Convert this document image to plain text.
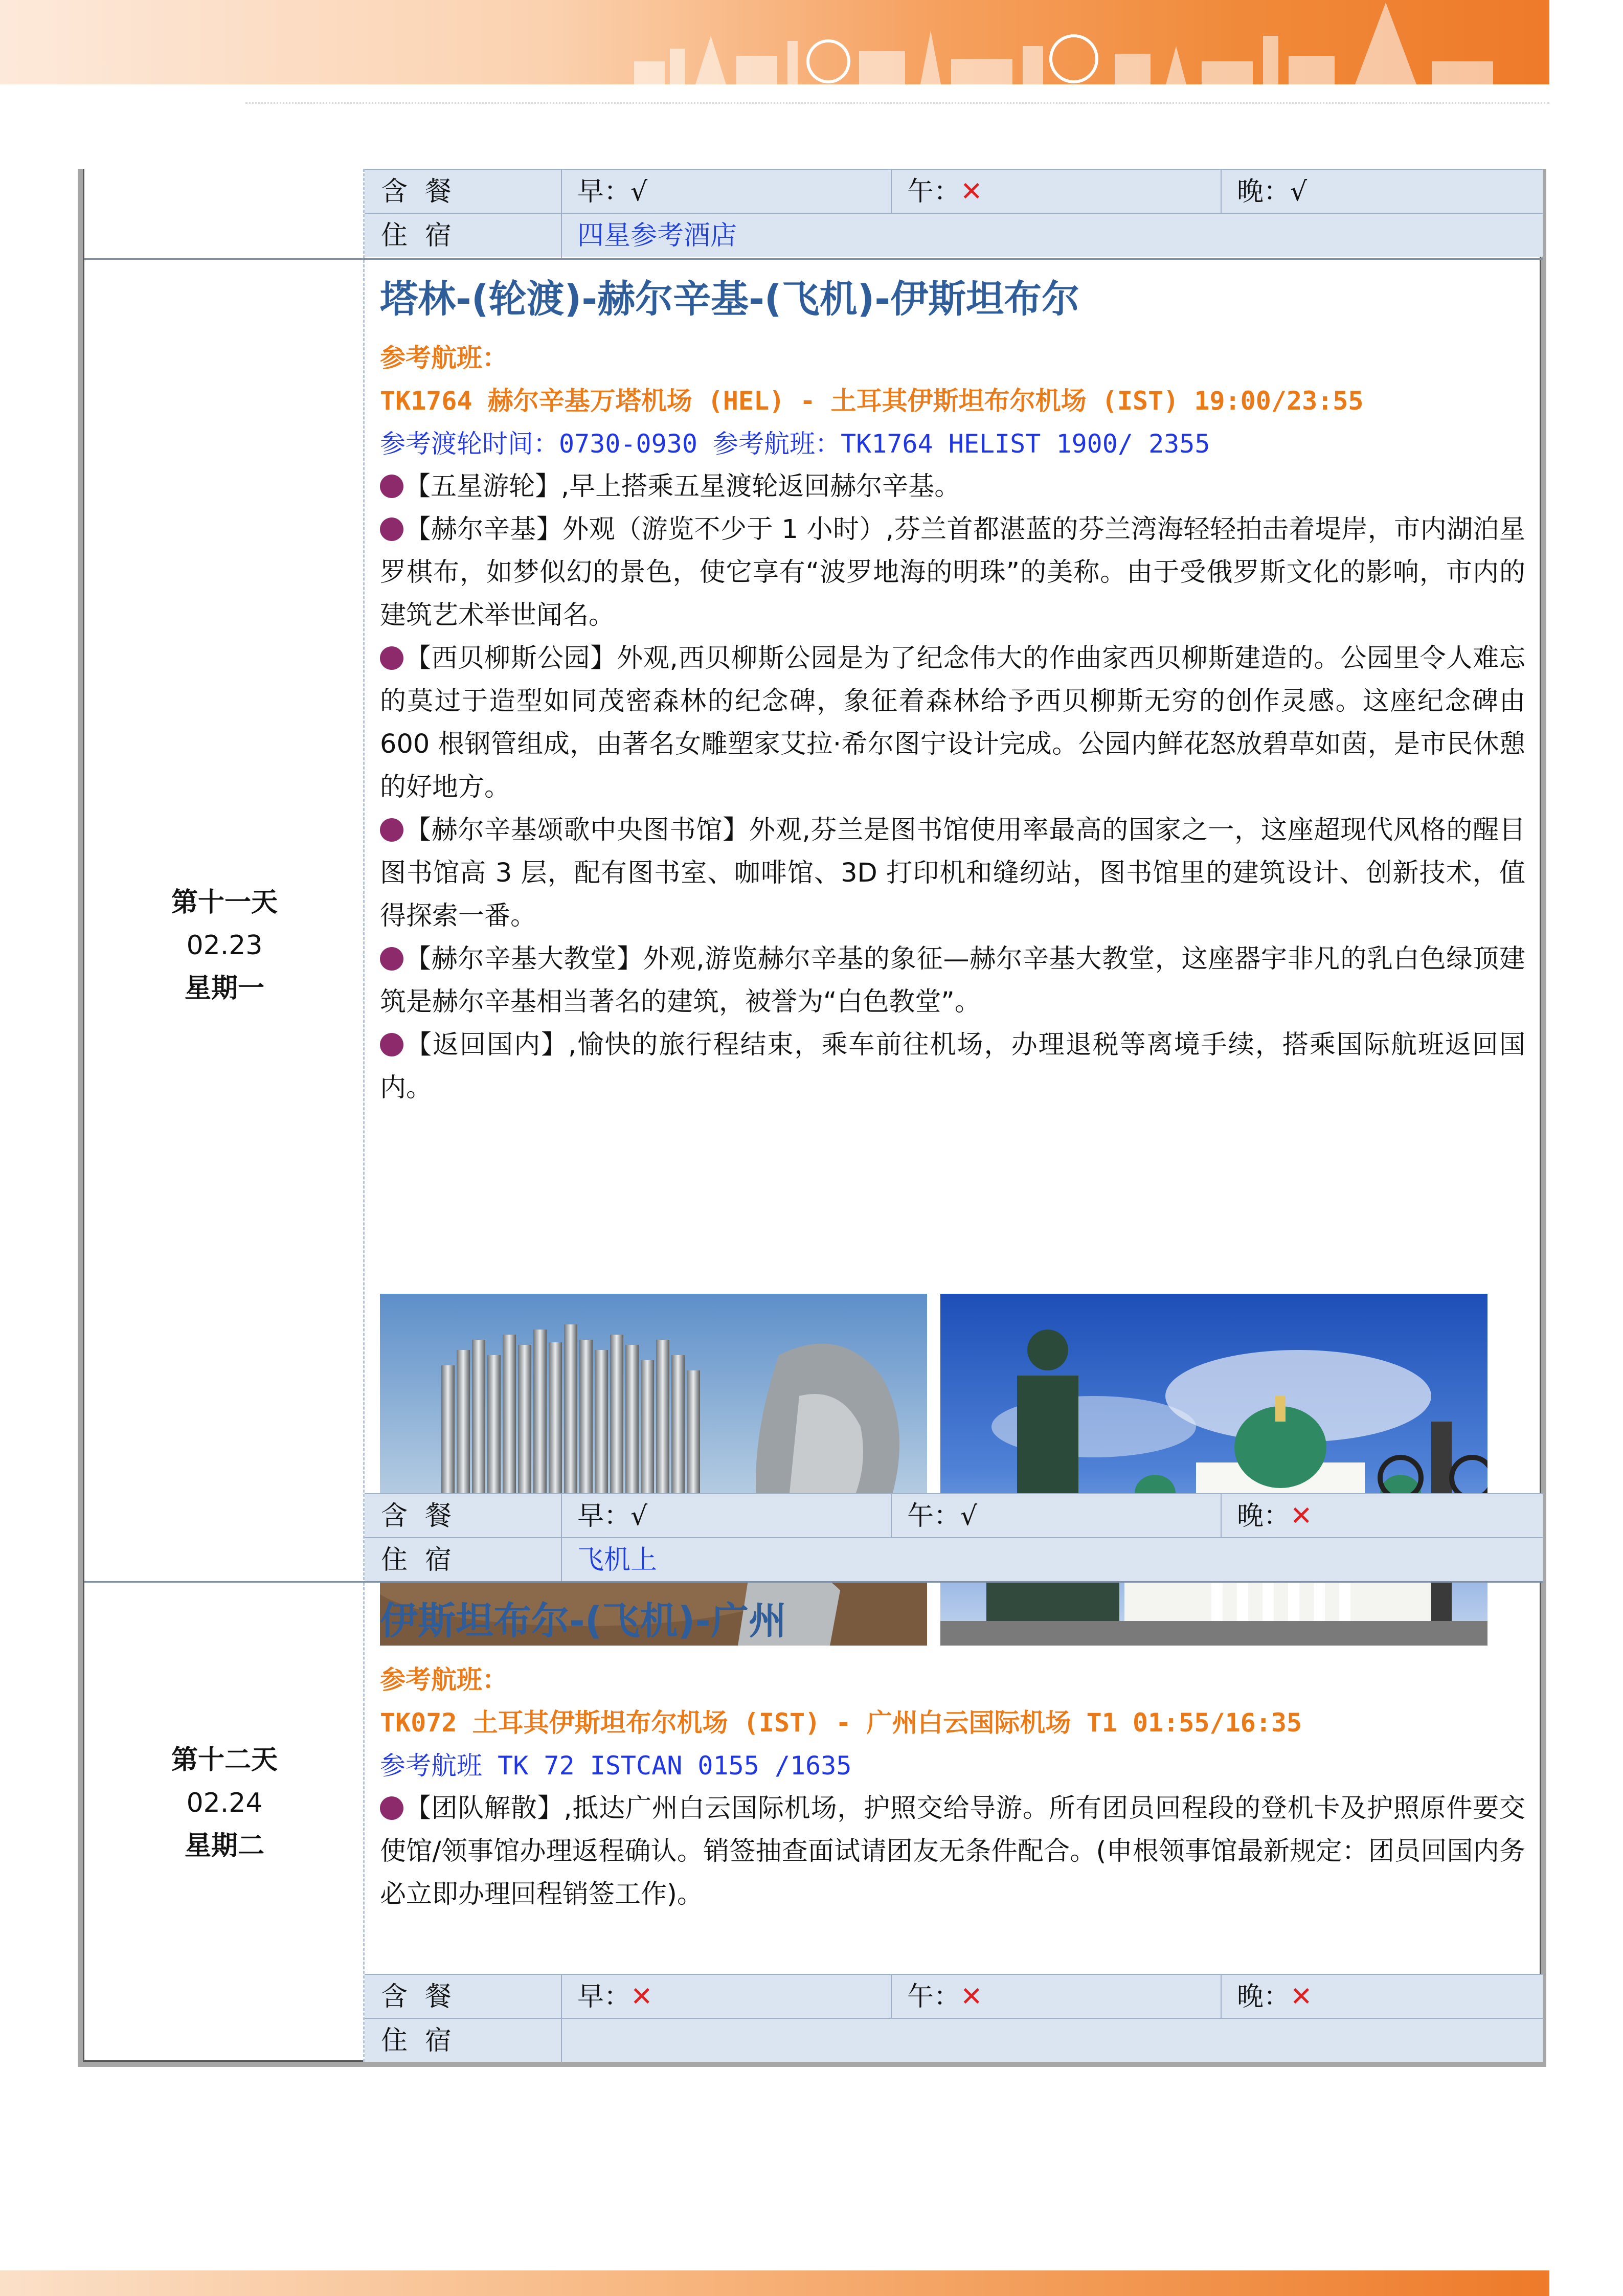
含餐	早：√	午：✕	晚：√
住宿	四星参考酒店
第十一天
02.23
星期一
塔林-(轮渡)-赫尔辛基-(飞机)-伊斯坦布尔
参考航班：
TK1764 赫尔辛基万塔机场 (HEL) - 土耳其伊斯坦布尔机场 (IST) 19:00/23:55
参考渡轮时间：0730-0930 参考航班：TK1764 HELIST 1900/ 2355
【五星游轮】,早上搭乘五星渡轮返回赫尔辛基。
【赫尔辛基】外观（游览不少于 1 小时）,芬兰首都湛蓝的芬兰湾海轻轻拍击着堤岸，市内湖泊星罗棋布，如梦似幻的景色，使它享有“波罗地海的明珠”的美称。由于受俄罗斯文化的影响，市内的建筑艺术举世闻名。
【西贝柳斯公园】外观,西贝柳斯公园是为了纪念伟大的作曲家西贝柳斯建造的。公园里令人难忘的莫过于造型如同茂密森林的纪念碑，象征着森林给予西贝柳斯无穷的创作灵感。这座纪念碑由 600 根钢管组成，由著名女雕塑家艾拉·希尔图宁设计完成。公园内鲜花怒放碧草如茵，是市民休憩的好地方。
【赫尔辛基颂歌中央图书馆】外观,芬兰是图书馆使用率最高的国家之一，这座超现代风格的醒目图书馆高 3 层，配有图书室、咖啡馆、3D 打印机和缝纫站，图书馆里的建筑设计、创新技术，值得探索一番。
【赫尔辛基大教堂】外观,游览赫尔辛基的象征—赫尔辛基大教堂，这座器宇非凡的乳白色绿顶建筑是赫尔辛基相当著名的建筑，被誉为“白色教堂”。
【返回国内】,愉快的旅行程结束，乘车前往机场，办理退税等离境手续，搭乘国际航班返回国内。
含餐	早：√	午：√	晚：✕
住宿	飞机上
第十二天
02.24
星期二
伊斯坦布尔-(飞机)-广州
参考航班：
TK072 土耳其伊斯坦布尔机场 (IST) - 广州白云国际机场 T1 01:55/16:35
参考航班 TK 72 ISTCAN 0155 /1635
【团队解散】,抵达广州白云国际机场，护照交给导游。所有团员回程段的登机卡及护照原件要交使馆/领事馆办理返程确认。销签抽查面试请团友无条件配合。(申根领事馆最新规定：团员回国内务必立即办理回程销签工作)。
含餐	早：✕	午：✕	晚：✕
住宿
